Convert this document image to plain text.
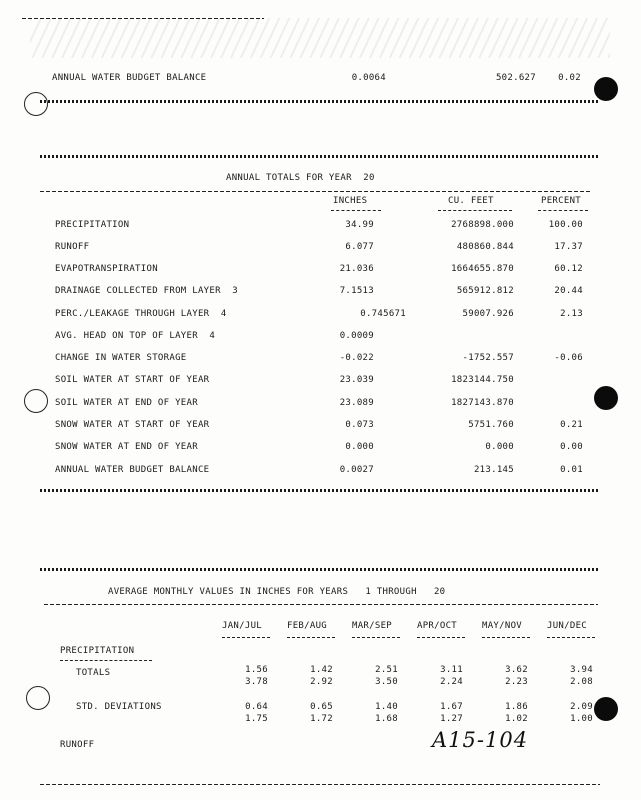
ANNUAL WATER BUDGET BALANCE	0.0064	502.627	0.02
ANNUAL TOTALS FOR YEAR 20
INCHES	CU. FEET	PERCENT
PRECIPITATION	34.99	2768898.000	100.00
RUNOFF	6.077	480860.844	17.37
EVAPOTRANSPIRATION	21.036	1664655.870	60.12
DRAINAGE COLLECTED FROM LAYER  3	7.1513	565912.812	20.44
PERC./LEAKAGE THROUGH LAYER  4	0.745671	59007.926	2.13
AVG. HEAD ON TOP OF LAYER  4	0.0009
CHANGE IN WATER STORAGE	-0.022	-1752.557	-0.06
SOIL WATER AT START OF YEAR	23.039	1823144.750
SOIL WATER AT END OF YEAR	23.089	1827143.870
SNOW WATER AT START OF YEAR	0.073	5751.760	0.21
SNOW WATER AT END OF YEAR	0.000	0.000	0.00
ANNUAL WATER BUDGET BALANCE	0.0027	213.145	0.01
AVERAGE MONTHLY VALUES IN INCHES FOR YEARS 1 THROUGH 20
JAN/JUL	FEB/AUG	MAR/SEP	APR/OCT	MAY/NOV	JUN/DEC
PRECIPITATION
TOTALS	1.56	1.42	2.51	3.11	3.62	3.94
3.78	2.92	3.50	2.24	2.23	2.08
STD. DEVIATIONS	0.64	0.65	1.40	1.67	1.86	2.09
1.75	1.72	1.68	1.27	1.02	1.00
RUNOFF	A15-104
